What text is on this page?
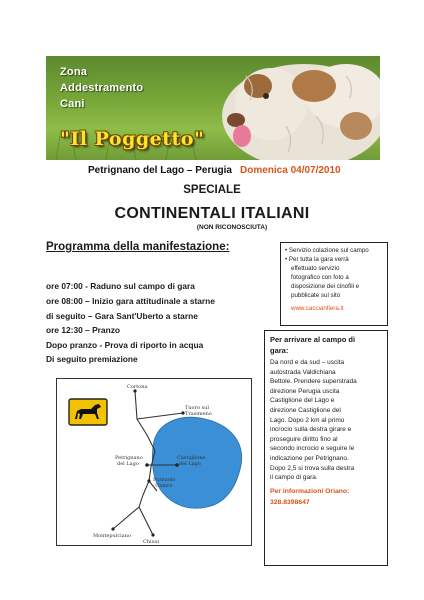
Zona
Addestramento
Cani
"Il Poggetto"
Petrignano del Lago – Perugia Domenica 04/07/2010
SPECIALE
CONTINENTALI ITALIANI
(NON RICONOSCIUTA)
Programma della manifestazione:
ore 07:00 - Raduno sul campo di gara
ore 08:00 – Inizio gara attitudinale a starne
di seguito – Gara Sant'Uberto a starne
ore 12:30 – Pranzo
Dopo pranzo - Prova di riporto in acqua
Di seguito premiazione
• Servizio colazione sul campo
• Per tutta la gara verrà
effettuato servizio
fotografico con foto a
disposizione dei cinofili e
pubblicate sul sito
www.caccianfiera.it
Per arrivare al campo di
gara:
Da nord e da sud – uscita
autostrada Valdichiana
Bettole. Prendere superstrada
direzione Perugia uscita
Castiglione del Lago e
direzione Castiglione del
Lago. Dopo 2 km al primo
incrocio sulla destra girare e
proseguire diritto fino al
secondo incrocio e seguire le
indicazione per Petrignano.
Dopo 2,5 si trova sulla destra
il campo di gara.
Per informazioni Oriano:
328.8398647
Cortona
Tuoro sul
Trasimeno
Castiglione
del Lago
Petrignano
del Lago
Pozzuolo
Umbro
Montepulciano
Chiusi
